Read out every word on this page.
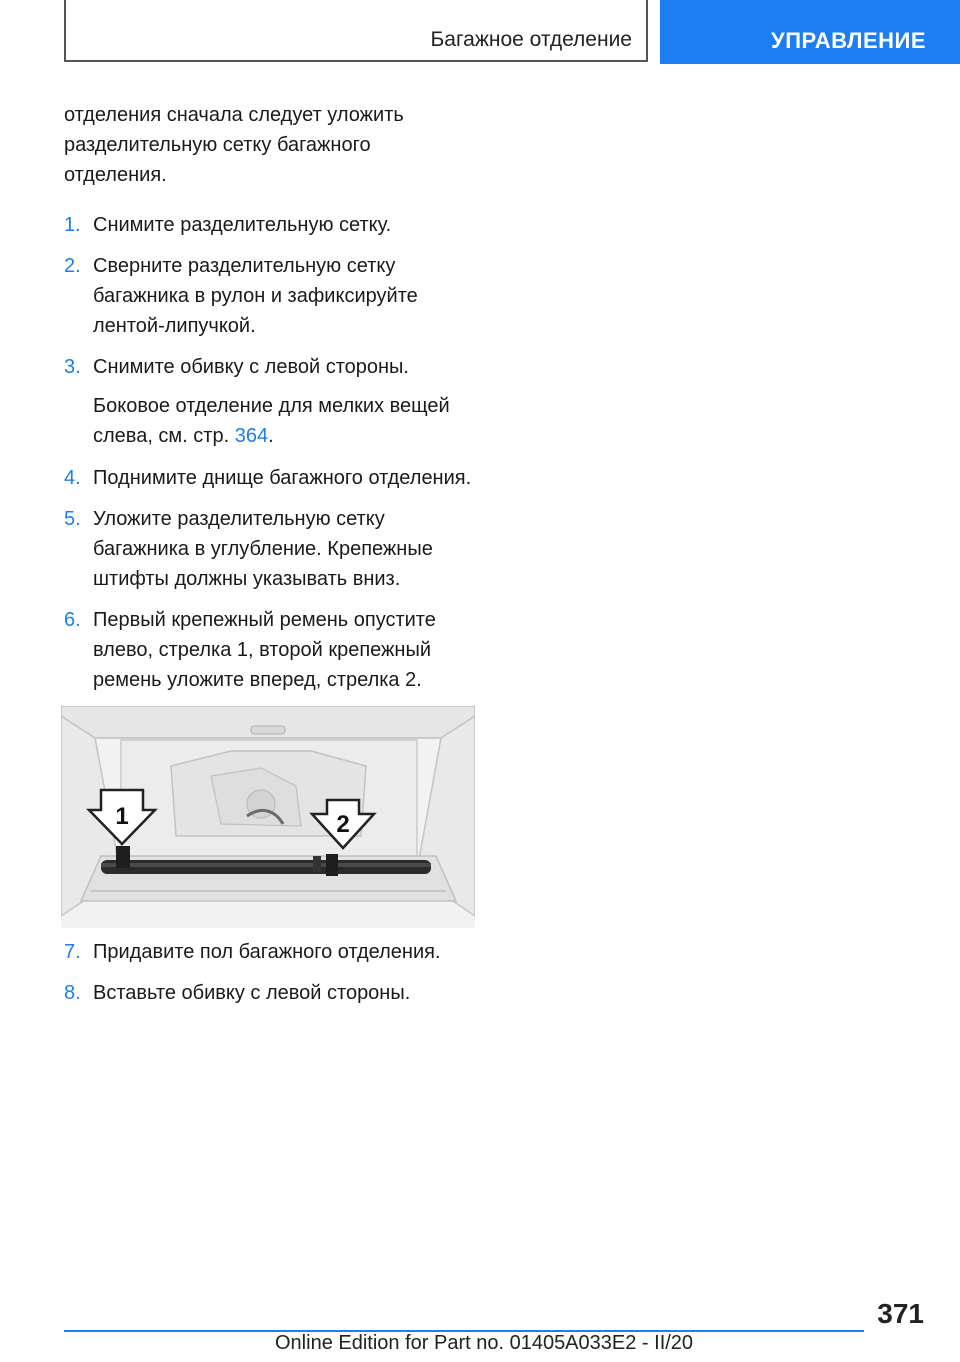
Багажное отделение	УПРАВЛЕНИЕ

отделения сначала следует уложить разделительную сетку багажного отделения.

1. Снимите разделительную сетку.
2. Сверните разделительную сетку багажника в рулон и зафиксируйте лентой-липучкой.
3. Снимите обивку с левой стороны.

Боковое отделение для мелких вещей слева, см. стр. 364.

4. Поднимите днище багажного отделения.
5. Уложите разделительную сетку багажника в углубление. Крепежные штифты должны указывать вниз.
6. Первый крепежный ремень опустите влево, стрелка 1, второй крепежный ремень уложите вперед, стрелка 2.
1	2
7. Придавите пол багажного отделения.
8. Вставьте обивку с левой стороны.
371
Online Edition for Part no. 01405A033E2 - II/20
